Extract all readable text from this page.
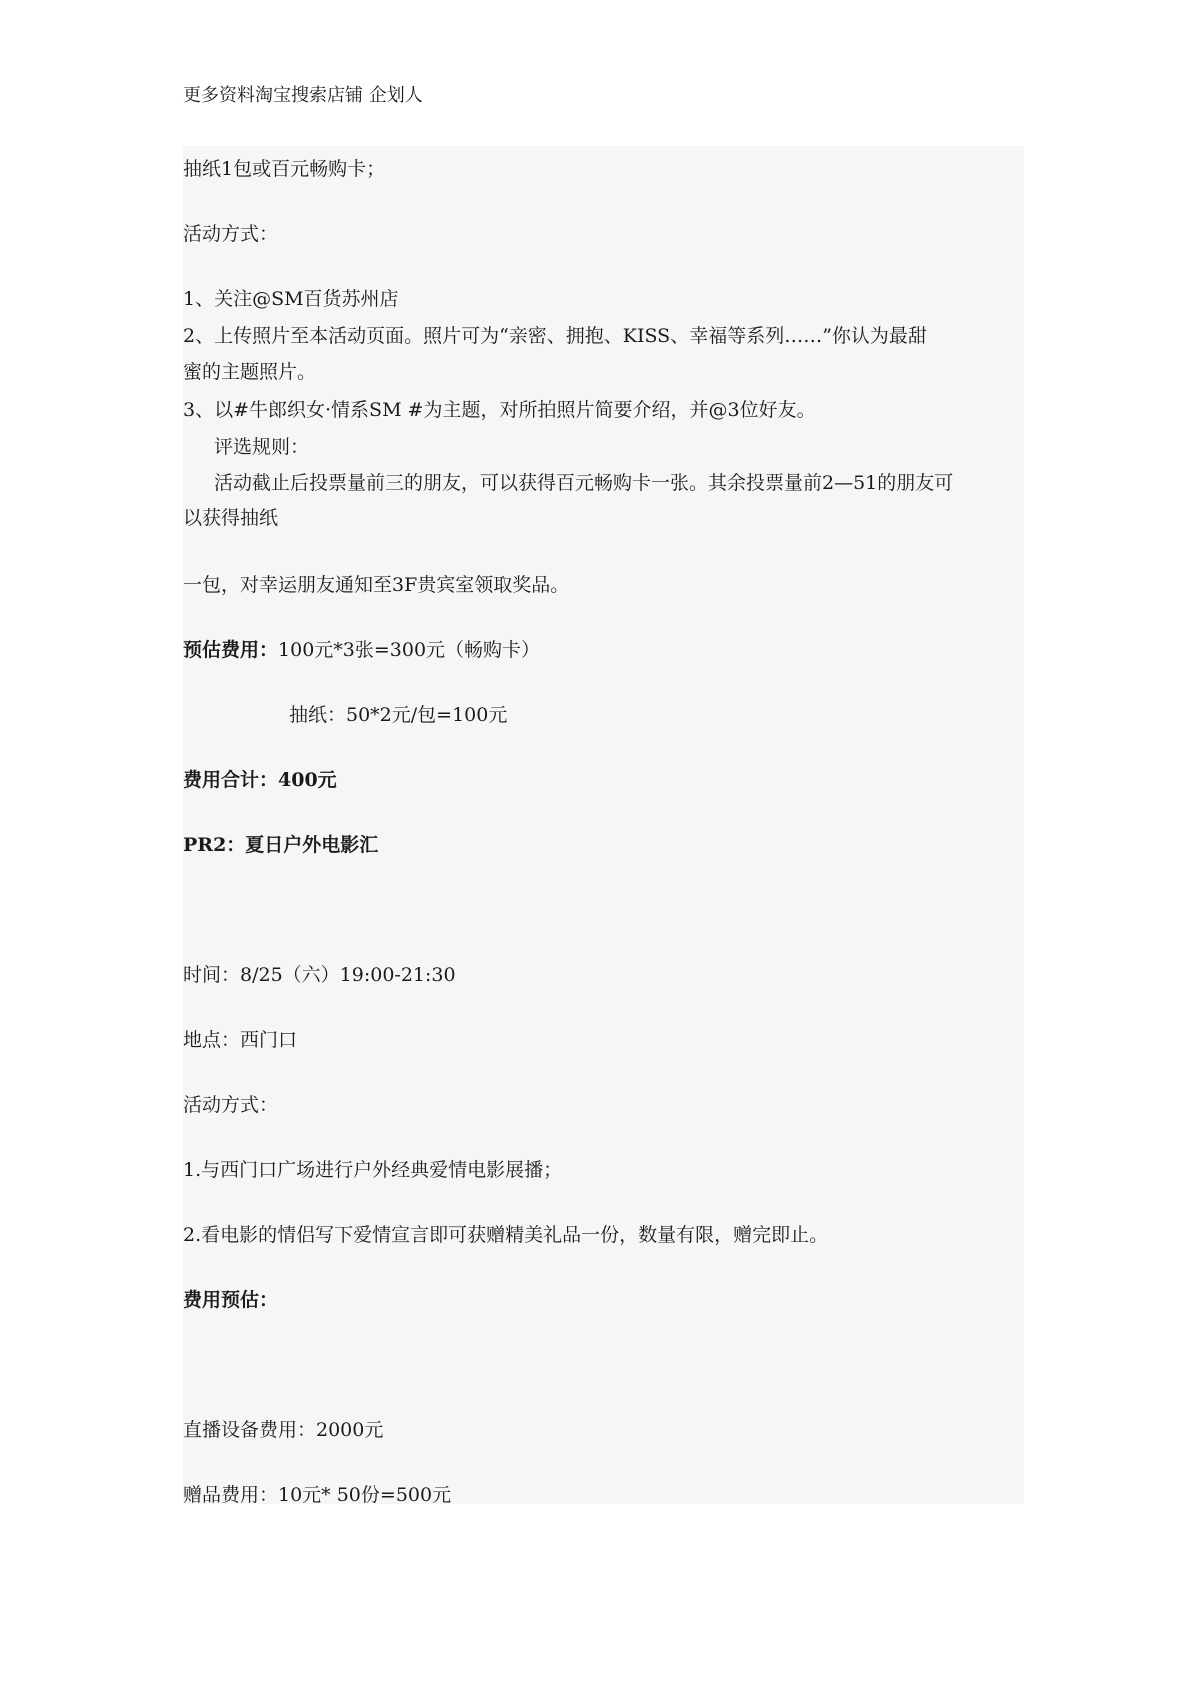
更多资料淘宝搜索店铺 企划人
抽纸1包或百元畅购卡；
活动方式：
1、关注@SM百货苏州店
2、上传照片至本活动页面。照片可为“亲密、拥抱、KISS、幸福等系列……”你认为最甜
蜜的主题照片。
3、以#牛郎织女·情系SM #为主题，对所拍照片简要介绍，并@3位好友。
评选规则：
活动截止后投票量前三的朋友，可以获得百元畅购卡一张。其余投票量前2—51的朋友可
以获得抽纸
一包，对幸运朋友通知至3F贵宾室领取奖品。
预估费用：100元*3张=300元（畅购卡）
抽纸：50*2元/包=100元
费用合计：400元
PR2：夏日户外电影汇
时间：8/25（六）19:00-21:30
地点：西门口
活动方式：
1.与西门口广场进行户外经典爱情电影展播；
2.看电影的情侣写下爱情宣言即可获赠精美礼品一份，数量有限，赠完即止。
费用预估：
直播设备费用：2000元
赠品费用：10元* 50份=500元
